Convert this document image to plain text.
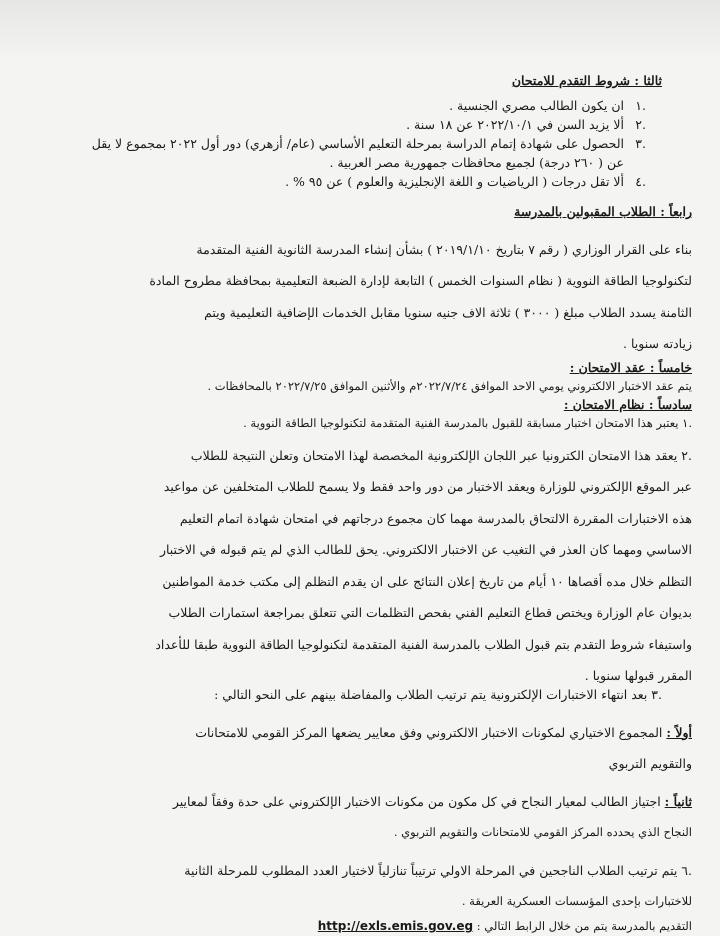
ثالثا : شروط التقدم للامتحان

.١
ان يكون الطالب مصري الجنسية .
.٢
ألا يزيد السن في ٢٠٢٢/١٠/١ عن ١٨ سنة .
.٣
الحصول على شهادة إتمام الدراسة بمرحلة التعليم الأساسي (عام/ أزهري) دور أول ٢٠٢٢ بمجموع لا يقل
عن ( ٢٦٠ درجة) لجميع محافظات جمهورية مصر العربية .
.٤
ألا تقل درجات ( الرياضيات و اللغة الإنجليزية والعلوم ) عن ٩٥ % .

رابعاً : الطلاب المقبولين بالمدرسة

بناء على القرار الوزاري ( رقم ٧ بتاريخ ٢٠١٩/١/١٠ ) بشأن إنشاء المدرسة الثانوية الفنية المتقدمة

لتكنولوجيا الطاقة النووية ( نظام السنوات الخمس ) التابعة لإدارة الضبعة التعليمية بمحافظة مطروح المادة

الثامنة يسدد الطلاب مبلغ ( ٣٠٠٠ ) ثلاثة الاف جنيه سنويا مقابل الخدمات الإضافية التعليمية ويتم

زيادته سنويا .

خامساً : عقد الامتحان :

يتم عقد الاختبار الالكتروني يومي الاحد الموافق ٢٠٢٢/٧/٢٤م والأثنين الموافق ٢٠٢٢/٧/٢٥ بالمحافظات .

سادساً : نظام الامتحان :

.١ يعتبر هذا الامتحان اختبار مسابقة للقبول بالمدرسة الفنية المتقدمة لتكنولوجيا الطاقة النووية .

.٢ يعقد هذا الامتحان الكترونيا عبر اللجان الإلكترونية المخصصة لهذا الامتحان وتعلن النتيجة للطلاب

عبر الموقع الإلكتروني للوزارة ويعقد الاختبار من دور واحد فقط ولا يسمح للطلاب المتخلفين عن مواعيد

هذه الاختبارات المقررة الالتحاق بالمدرسة مهما كان مجموع درجاتهم في امتحان شهادة اتمام التعليم

الاساسي ومهما كان العذر في التغيب عن الاختبار الالكتروني. يحق للطالب الذي لم يتم قبوله في الاختبار

التظلم خلال مده أقصاها ١٠ أيام من تاريخ إعلان النتائج على ان يقدم التظلم إلى مكتب خدمة المواطنين

بديوان عام الوزارة ويختص قطاع التعليم الفني بفحص التظلمات التي تتعلق بمراجعة استمارات الطلاب

واستيفاء شروط التقدم بتم قبول الطلاب بالمدرسة الفنية المتقدمة لتكنولوجيا الطاقة النووية طبقا للأعداد

المقرر قبولها سنويا .

.٣ بعد انتهاء الاختبارات الإلكترونية يتم ترتيب الطلاب والمفاضلة بينهم على النحو التالي :

أولاً : المجموع الاختياري لمكونات الاختبار الالكتروني وفق معايير يضعها المركز القومي للامتحانات

والتقويم التربوي

ثانياً : اجتياز الطالب لمعيار النجاح في كل مكون من مكونات الاختبار الإلكتروني على حدة وفقاً لمعايير

النجاح الذي يحدده المركز القومي للامتحانات والتقويم التربوي .

.٦ يتم ترتيب الطلاب الناجحين في المرحلة الاولي ترتيباً تنازلياً لاختيار العدد المطلوب للمرحلة الثانية

للاختبارات بإحدى المؤسسات العسكرية العريقة .

التقديم بالمدرسة يتم من خلال الرابط التالي : http://exls.emis.gov.eg
